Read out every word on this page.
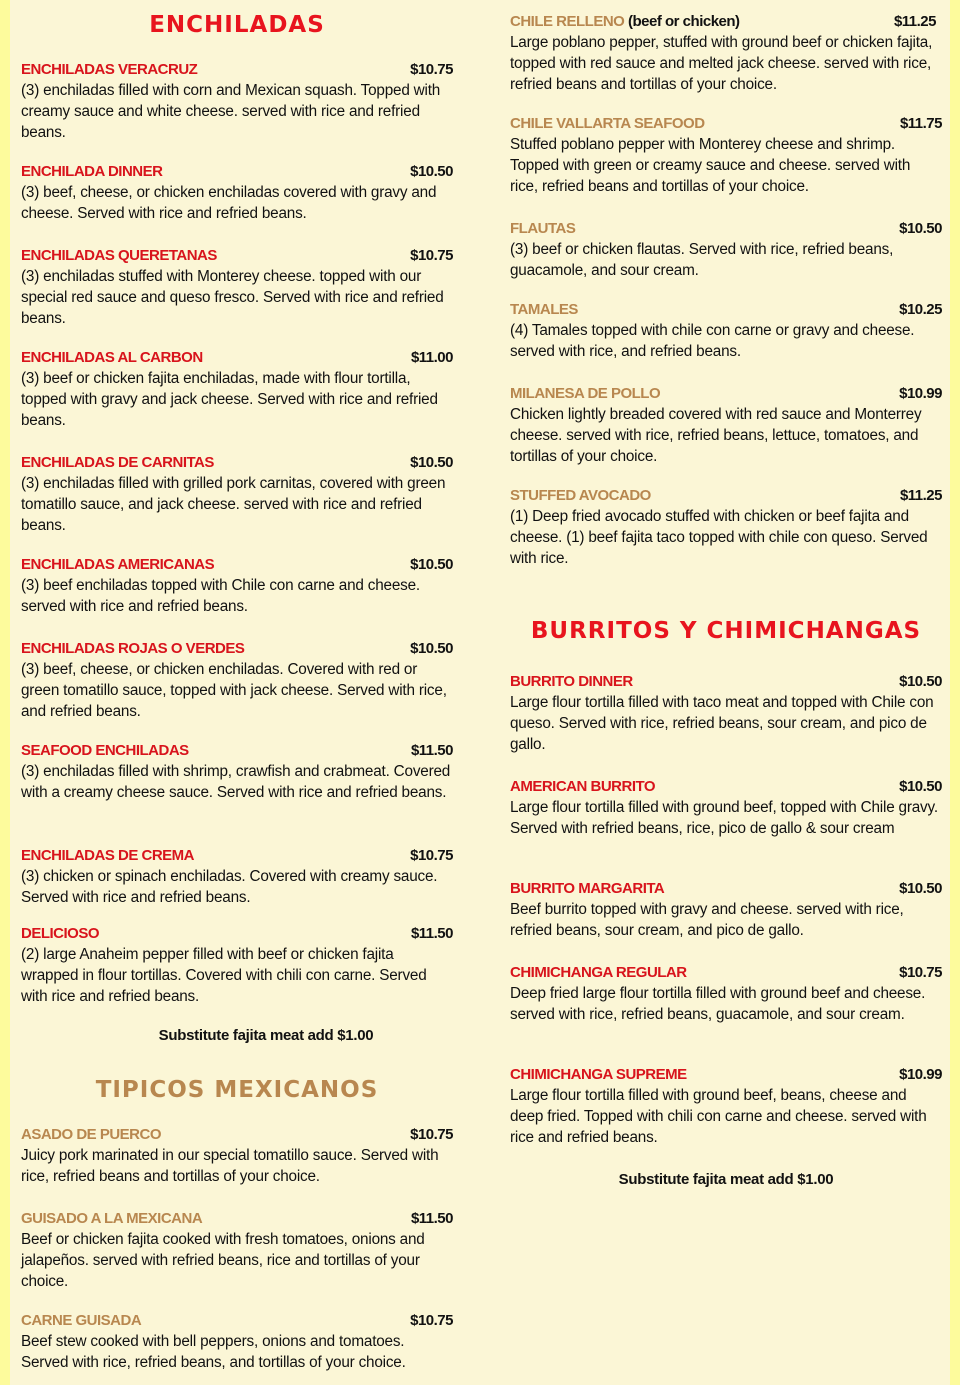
ENCHILADAS
ENCHILADAS VERACRUZ	$10.75
(3) enchiladas filled with corn and Mexican squash. Topped with creamy sauce and white cheese. served with rice and refried beans.
ENCHILADA DINNER	$10.50
(3) beef, cheese, or chicken enchiladas covered with gravy and cheese. Served with rice and refried beans.
ENCHILADAS QUERETANAS	$10.75
(3) enchiladas stuffed with Monterey cheese. topped with our special red sauce and queso fresco. Served with rice and refried beans.
ENCHILADAS AL CARBON	$11.00
(3) beef or chicken fajita enchiladas, made with flour tortilla, topped with gravy and jack cheese. Served with rice and refried beans.
ENCHILADAS DE CARNITAS	$10.50
(3) enchiladas filled with grilled pork carnitas, covered with green tomatillo sauce, and jack cheese. served with rice and refried beans.
ENCHILADAS AMERICANAS	$10.50
(3) beef enchiladas topped with Chile con carne and cheese. served with rice and refried beans.
ENCHILADAS ROJAS O VERDES	$10.50
(3) beef, cheese, or chicken enchiladas. Covered with red or green tomatillo sauce, topped with jack cheese. Served with rice, and refried beans.
SEAFOOD ENCHILADAS	$11.50
(3) enchiladas filled with shrimp, crawfish and crabmeat. Covered with a creamy cheese sauce. Served with rice and refried beans.
ENCHILADAS DE CREMA	$10.75
(3) chicken or spinach enchiladas. Covered with creamy sauce. Served with rice and refried beans.
DELICIOSO	$11.50
(2) large Anaheim pepper filled with beef or chicken fajita wrapped in flour tortillas. Covered with chili con carne. Served with rice and refried beans.
Substitute fajita meat add $1.00
TIPICOS MEXICANOS
ASADO DE PUERCO	$10.75
Juicy pork marinated in our special tomatillo sauce. Served with rice, refried beans and tortillas of your choice.
GUISADO A LA MEXICANA	$11.50
Beef or chicken fajita cooked with fresh tomatoes, onions and jalapeños. served with refried beans, rice and tortillas of your choice.
CARNE GUISADA	$10.75
Beef stew cooked with bell peppers, onions and tomatoes. Served with rice, refried beans, and tortillas of your choice.
CHILE RELLENO (beef or chicken)	$11.25
Large poblano pepper, stuffed with ground beef or chicken fajita, topped with red sauce and melted jack cheese. served with rice, refried beans and tortillas of your choice.
CHILE VALLARTA SEAFOOD	$11.75
Stuffed poblano pepper with Monterey cheese and shrimp. Topped with green or creamy sauce and cheese. served with rice, refried beans and tortillas of your choice.
FLAUTAS	$10.50
(3) beef or chicken flautas. Served with rice, refried beans, guacamole, and sour cream.
TAMALES	$10.25
(4) Tamales topped with chile con carne or gravy and cheese. served with rice, and refried beans.
MILANESA DE POLLO	$10.99
Chicken lightly breaded covered with red sauce and Monterrey cheese. served with rice, refried beans, lettuce, tomatoes, and tortillas of your choice.
STUFFED AVOCADO	$11.25
(1) Deep fried avocado stuffed with chicken or beef fajita and cheese. (1) beef fajita taco topped with chile con queso. Served with rice.
BURRITOS Y CHIMICHANGAS
BURRITO DINNER	$10.50
Large flour tortilla filled with taco meat and topped with Chile con queso. Served with rice, refried beans, sour cream, and pico de gallo.
AMERICAN BURRITO	$10.50
Large flour tortilla filled with ground beef, topped with Chile gravy. Served with refried beans, rice, pico de gallo & sour cream
BURRITO MARGARITA	$10.50
Beef burrito topped with gravy and cheese. served with rice, refried beans, sour cream, and pico de gallo.
CHIMICHANGA REGULAR	$10.75
Deep fried large flour tortilla filled with ground beef and cheese. served with rice, refried beans, guacamole, and sour cream.
CHIMICHANGA SUPREME	$10.99
Large flour tortilla filled with ground beef, beans, cheese and deep fried. Topped with chili con carne and cheese. served with rice and refried beans.
Substitute fajita meat add $1.00
